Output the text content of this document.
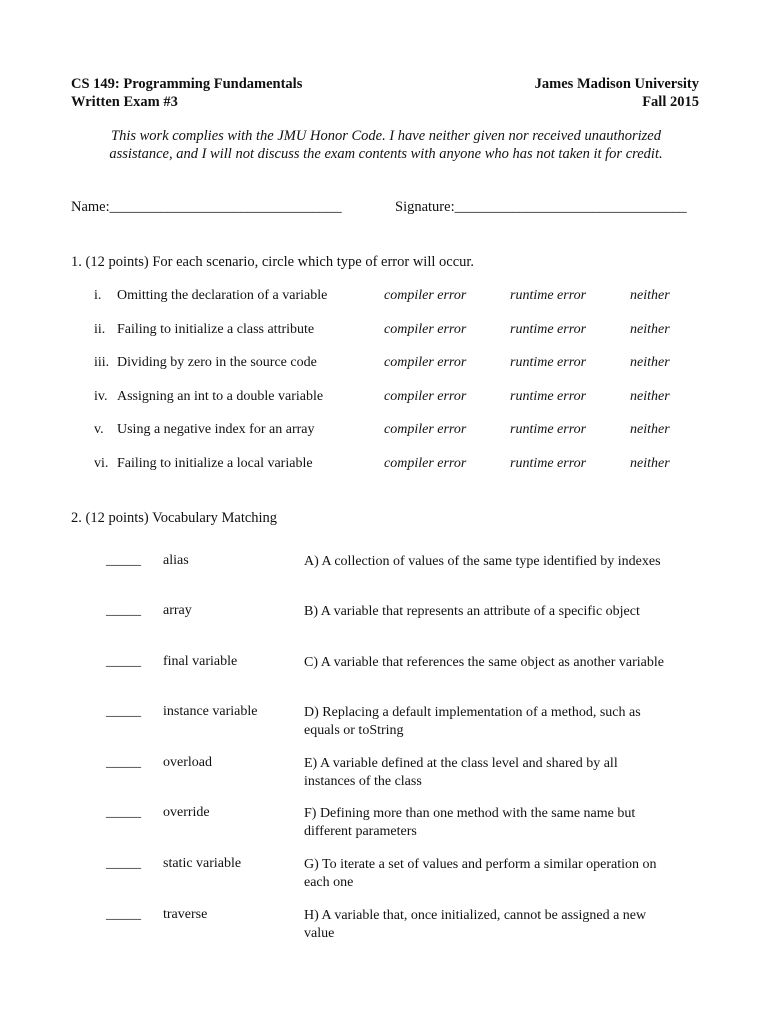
CS 149: Programming Fundamentals
Written Exam #3
James Madison University
Fall 2015
This work complies with the JMU Honor Code. I have neither given nor received unauthorized assistance, and I will not discuss the exam contents with anyone who has not taken it for credit.
Name:________________________________	Signature:________________________________
1. (12 points) For each scenario, circle which type of error will occur.
i. Omitting the declaration of a variable	compiler error	runtime error	neither
ii. Failing to initialize a class attribute	compiler error	runtime error	neither
iii. Dividing by zero in the source code	compiler error	runtime error	neither
iv. Assigning an int to a double variable	compiler error	runtime error	neither
v. Using a negative index for an array	compiler error	runtime error	neither
vi. Failing to initialize a local variable	compiler error	runtime error	neither
2. (12 points) Vocabulary Matching
_____ alias	A) A collection of values of the same type identified by indexes
_____ array	B) A variable that represents an attribute of a specific object
_____ final variable	C) A variable that references the same object as another variable
_____ instance variable	D) Replacing a default implementation of a method, such as equals or toString
_____ overload	E) A variable defined at the class level and shared by all instances of the class
_____ override	F) Defining more than one method with the same name but different parameters
_____ static variable	G) To iterate a set of values and perform a similar operation on each one
_____ traverse	H) A variable that, once initialized, cannot be assigned a new value
